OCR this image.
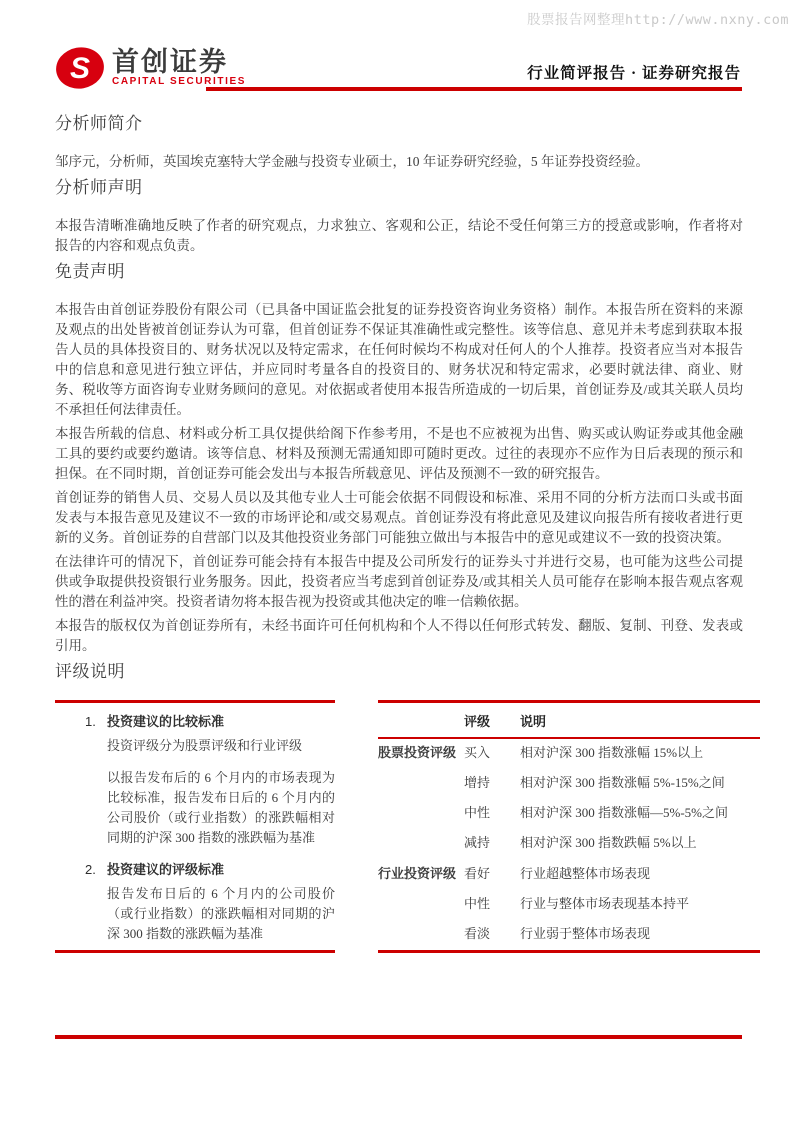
股票报告网整理http://www.nxny.com
S 首创证券
CAPITAL SECURITIES	行业简评报告 · 证券研究报告
分析师简介

邹序元，分析师，英国埃克塞特大学金融与投资专业硕士，10 年证券研究经验，5 年证券投资经验。

分析师声明

本报告清晰准确地反映了作者的研究观点，力求独立、客观和公正，结论不受任何第三方的授意或影响，作者将对报告的内容和观点负责。

免责声明

本报告由首创证券股份有限公司（已具备中国证监会批复的证券投资咨询业务资格）制作。本报告所在资料的来源及观点的出处皆被首创证券认为可靠，但首创证券不保证其准确性或完整性。该等信息、意见并未考虑到获取本报告人员的具体投资目的、财务状况以及特定需求，在任何时候均不构成对任何人的个人推荐。投资者应当对本报告中的信息和意见进行独立评估，并应同时考量各自的投资目的、财务状况和特定需求，必要时就法律、商业、财务、税收等方面咨询专业财务顾问的意见。对依据或者使用本报告所造成的一切后果，首创证券及/或其关联人员均不承担任何法律责任。

本报告所载的信息、材料或分析工具仅提供给阁下作参考用，不是也不应被视为出售、购买或认购证券或其他金融工具的要约或要约邀请。该等信息、材料及预测无需通知即可随时更改。过往的表现亦不应作为日后表现的预示和担保。在不同时期，首创证券可能会发出与本报告所载意见、评估及预测不一致的研究报告。

首创证券的销售人员、交易人员以及其他专业人士可能会依据不同假设和标准、采用不同的分析方法而口头或书面发表与本报告意见及建议不一致的市场评论和/或交易观点。首创证券没有将此意见及建议向报告所有接收者进行更新的义务。首创证券的自营部门以及其他投资业务部门可能独立做出与本报告中的意见或建议不一致的投资决策。

在法律许可的情况下，首创证券可能会持有本报告中提及公司所发行的证券头寸并进行交易，也可能为这些公司提供或争取提供投资银行业务服务。因此，投资者应当考虑到首创证券及/或其相关人员可能存在影响本报告观点客观性的潜在利益冲突。投资者请勿将本报告视为投资或其他决定的唯一信赖依据。

本报告的版权仅为首创证券所有，未经书面许可任何机构和个人不得以任何形式转发、翻版、复制、刊登、发表或引用。

评级说明
1. 投资建议的比较标准

投资评级分为股票评级和行业评级

以报告发布后的 6 个月内的市场表现为比较标准，报告发布日后的 6 个月内的公司股价（或行业指数）的涨跌幅相对同期的沪深 300 指数的涨跌幅为基准

2. 投资建议的评级标准

报告发布日后的 6 个月内的公司股价（或行业指数）的涨跌幅相对同期的沪深 300 指数的涨跌幅为基准

	评级	说明
股票投资评级	买入	相对沪深 300 指数涨幅 15%以上
	增持	相对沪深 300 指数涨幅 5%-15%之间
	中性	相对沪深 300 指数涨幅—5%-5%之间
	减持	相对沪深 300 指数跌幅 5%以上
行业投资评级	看好	行业超越整体市场表现
	中性	行业与整体市场表现基本持平
	看淡	行业弱于整体市场表现
